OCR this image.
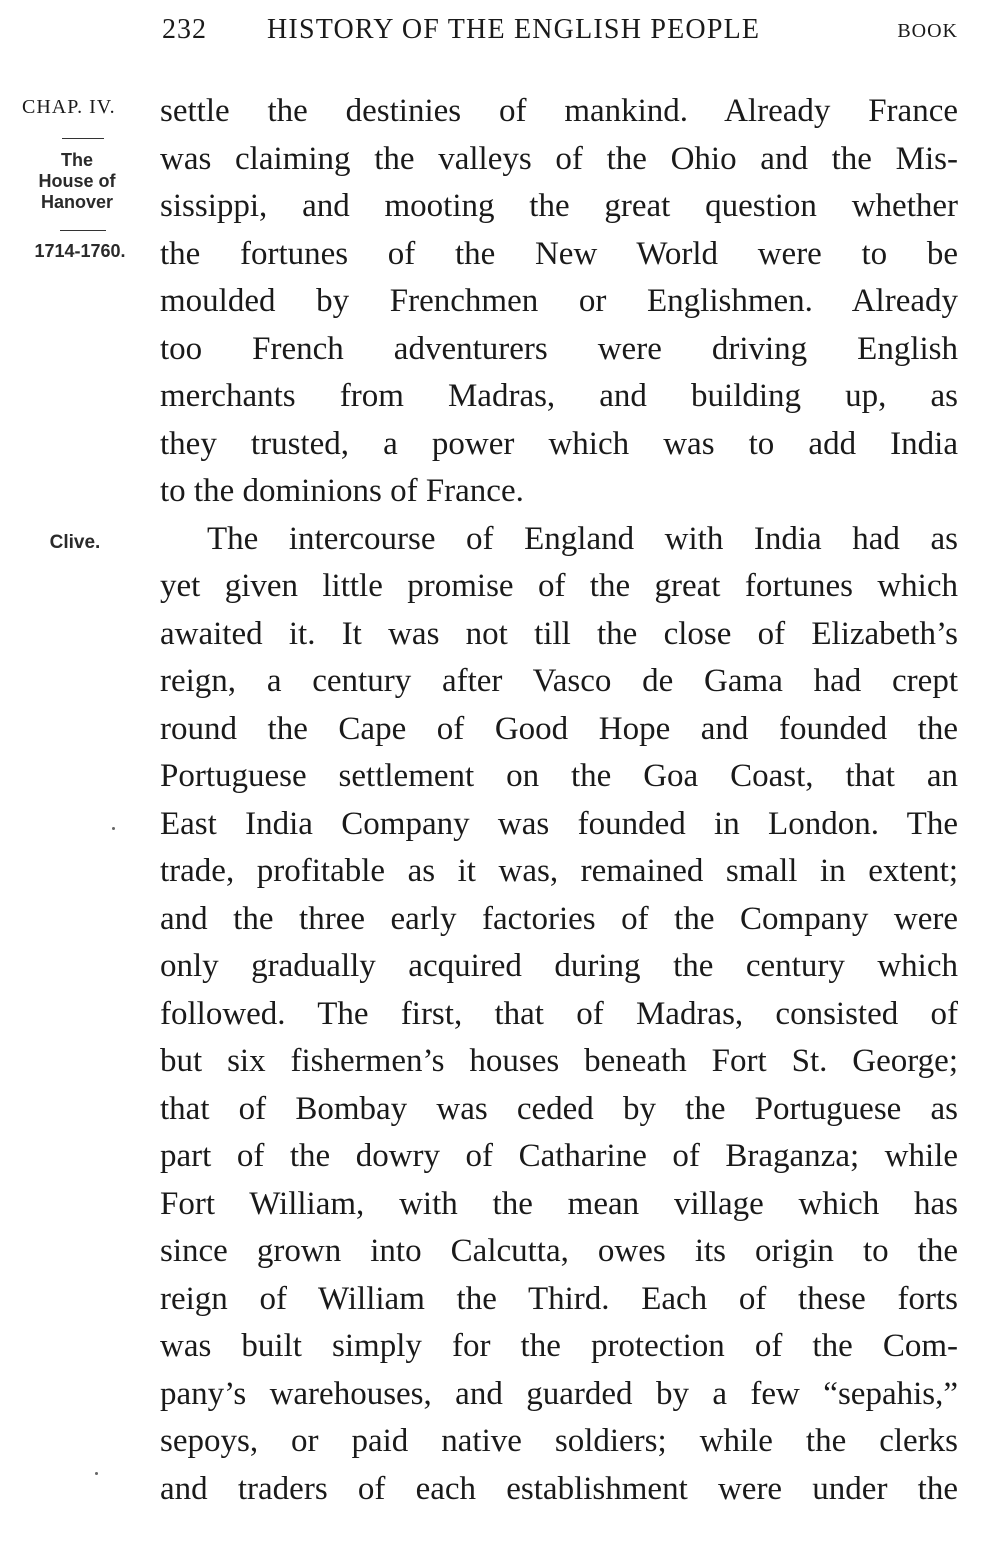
232 HISTORY OF THE ENGLISH PEOPLE	BOOK
CHAP. IV.
The
House of
Hanover
1714-1760.
Clive.
settle the destinies of mankind. Already France
was claiming the valleys of the Ohio and the Mis-
sissippi, and mooting the great question whether
the fortunes of the New World were to be
moulded by Frenchmen or Englishmen. Already
too French adventurers were driving English
merchants from Madras, and building up, as
they trusted, a power which was to add India
to the dominions of France.
The intercourse of England with India had as
yet given little promise of the great fortunes which
awaited it. It was not till the close of Elizabeth’s
reign, a century after Vasco de Gama had crept
round the Cape of Good Hope and founded the
Portuguese settlement on the Goa Coast, that an
East India Company was founded in London. The
trade, profitable as it was, remained small in extent;
and the three early factories of the Company were
only gradually acquired during the century which
followed. The first, that of Madras, consisted of
but six fishermen’s houses beneath Fort St. George;
that of Bombay was ceded by the Portuguese as
part of the dowry of Catharine of Braganza; while
Fort William, with the mean village which has
since grown into Calcutta, owes its origin to the
reign of William the Third. Each of these forts
was built simply for the protection of the Com-
pany’s warehouses, and guarded by a few “sepahis,”
sepoys, or paid native soldiers; while the clerks
and traders of each establishment were under the
